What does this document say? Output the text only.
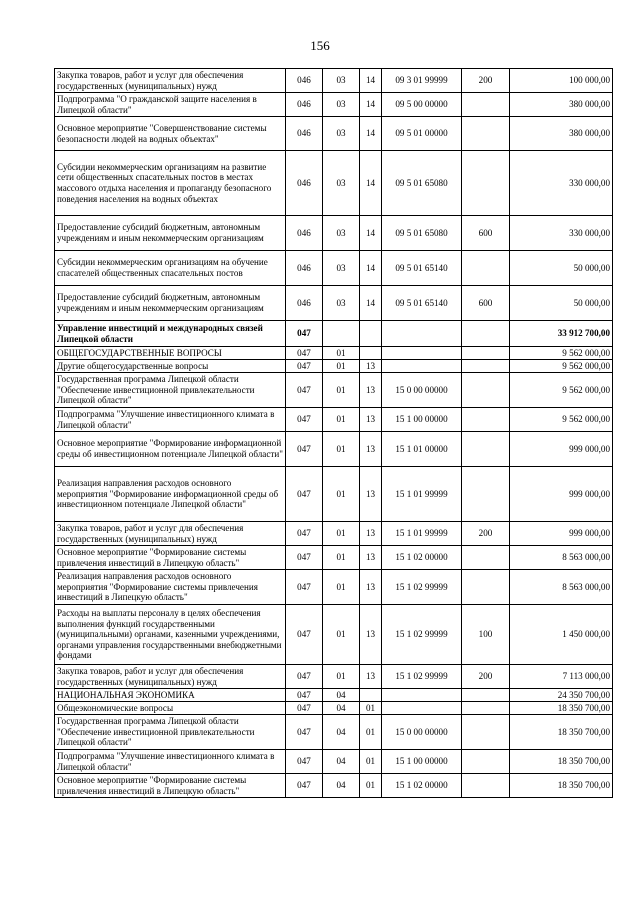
156
Закупка товаров, работ и услуг для обеспечения государственных (муниципальных) нужд	046	03	14	09 3 01 99999	200	100 000,00
Подпрограмма "О гражданской защите населения в Липецкой области"	046	03	14	09 5 00 00000		380 000,00
Основное мероприятие "Совершенствование системы безопасности людей на водных объектах"	046	03	14	09 5 01 00000		380 000,00
Субсидии некоммерческим организациям на развитие сети общественных спасательных постов в местах массового отдыха населения и пропаганду безопасного поведения населения на водных объектах	046	03	14	09 5 01 65080		330 000,00
Предоставление субсидий бюджетным, автономным учреждениям и иным некоммерческим организациям	046	03	14	09 5 01 65080	600	330 000,00
Субсидии некоммерческим организациям на обучение спасателей общественных спасательных постов	046	03	14	09 5 01 65140		50 000,00
Предоставление субсидий бюджетным, автономным учреждениям и иным некоммерческим организациям	046	03	14	09 5 01 65140	600	50 000,00
Управление инвестиций и международных связей Липецкой области	047					33 912 700,00
ОБЩЕГОСУДАРСТВЕННЫЕ ВОПРОСЫ	047	01				9 562 000,00
Другие общегосударственные вопросы	047	01	13			9 562 000,00
Государственная программа Липецкой области "Обеспечение инвестиционной привлекательности Липецкой области"	047	01	13	15 0 00 00000		9 562 000,00
Подпрограмма "Улучшение инвестиционного климата в Липецкой области"	047	01	13	15 1 00 00000		9 562 000,00
Основное мероприятие "Формирование информационной среды об инвестиционном потенциале Липецкой области"	047	01	13	15 1 01 00000		999 000,00
Реализация направления расходов основного мероприятия "Формирование информационной среды об инвестиционном потенциале Липецкой области"	047	01	13	15 1 01 99999		999 000,00
Закупка товаров, работ и услуг для обеспечения государственных (муниципальных) нужд	047	01	13	15 1 01 99999	200	999 000,00
Основное мероприятие "Формирование системы привлечения инвестиций в Липецкую область"	047	01	13	15 1 02 00000		8 563 000,00
Реализация направления расходов основного мероприятия "Формирование системы привлечения инвестиций в Липецкую область"	047	01	13	15 1 02 99999		8 563 000,00
Расходы на выплаты персоналу в целях обеспечения выполнения функций государственными (муниципальными) органами, казенными учреждениями, органами управления государственными внебюджетными фондами	047	01	13	15 1 02 99999	100	1 450 000,00
Закупка товаров, работ и услуг для обеспечения государственных (муниципальных) нужд	047	01	13	15 1 02 99999	200	7 113 000,00
НАЦИОНАЛЬНАЯ ЭКОНОМИКА	047	04				24 350 700,00
Общеэкономические вопросы	047	04	01			18 350 700,00
Государственная программа Липецкой области "Обеспечение инвестиционной привлекательности Липецкой области"	047	04	01	15 0 00 00000		18 350 700,00
Подпрограмма "Улучшение инвестиционного климата в Липецкой области"	047	04	01	15 1 00 00000		18 350 700,00
Основное мероприятие "Формирование системы привлечения инвестиций в Липецкую область"	047	04	01	15 1 02 00000		18 350 700,00
